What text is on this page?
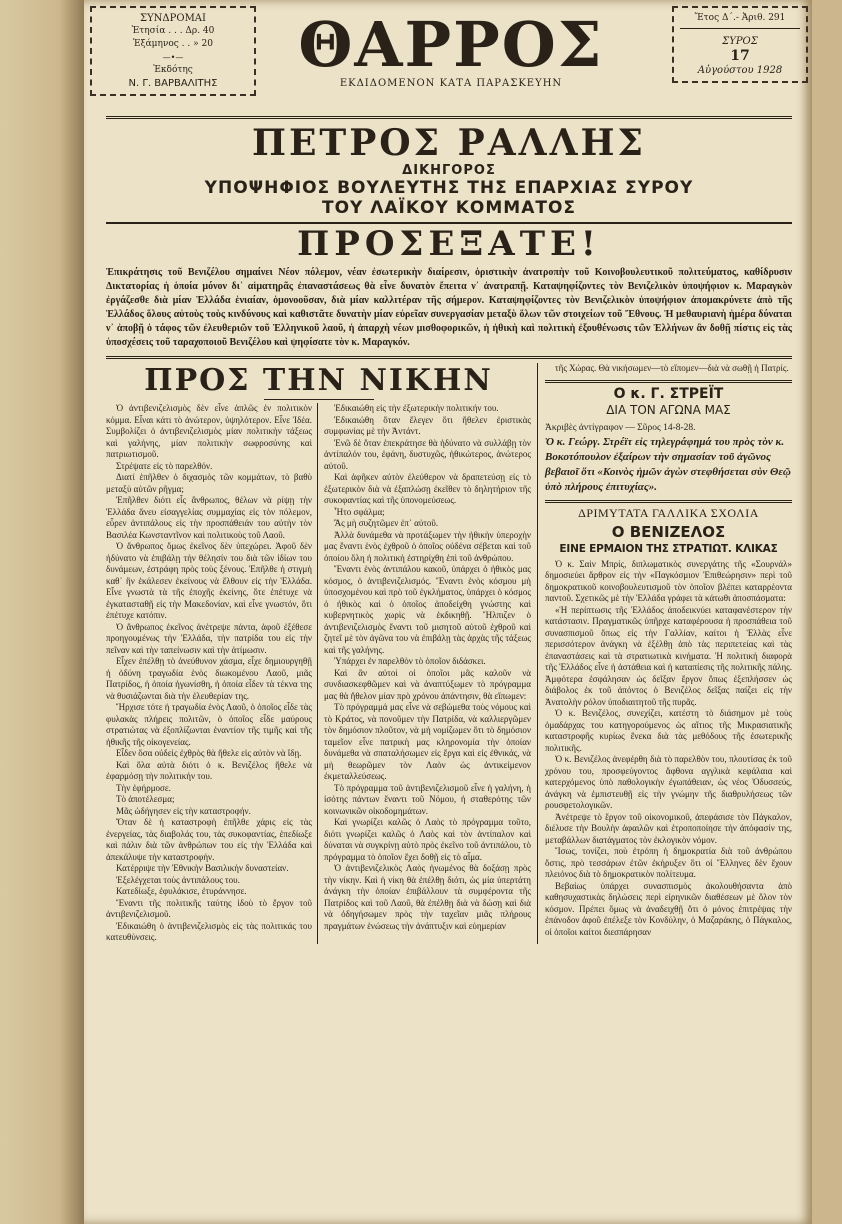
ΣΥΝΔΡΟΜΑΙ
Ἐτησία . . . Δρ. 40
Ἑξάμηνος . . » 20
—•—
Ἐκδότης
Ν. Γ. ΒΑΡΒΑΛΙΤΗΣ
ΘΑΡΡΟΣ
ΕΚΔΙΔΟΜΕΝΟΝ ΚΑΤΑ ΠΑΡΑΣΚΕΥΗΝ
Ἔτος Δ΄.- Ἀριθ. 291
ΣΥΡΟΣ
17
Αὐγούστου 1928
ΠΕΤΡΟΣ ΡΑΛΛΗΣ
ΔΙΚΗΓΟΡΟΣ
ΥΠΟΨΗΦΙΟΣ ΒΟΥΛΕΥΤΗΣ ΤΗΣ ΕΠΑΡΧΙΑΣ ΣΥΡΟΥ
ΤΟΥ ΛΑΪΚΟΥ ΚΟΜΜΑΤΟΣ
ΠΡΟΣΕΞΑΤΕ!
Ἐπικράτησις τοῦ Βενιζέλου σημαίνει Νέον πόλεμον, νέαν ἐσωτερικὴν διαίρεσιν, ὁριστικὴν ἀνατροπὴν τοῦ Κοινοβουλευτικοῦ πολιτεύματος, καθίδρυσιν Δικτατορίας ἡ ὁποία μόνον δι᾿ αἱματηρᾶς ἐπαναστάσεως θὰ εἶνε δυνατὸν ἔπειτα ν᾿ ἀνατραπῇ. Καταψηφίζοντες τὸν Βενιζελικὸν ὑποψήφιον κ. Μαραγκὸν ἐργάζεσθε διὰ μίαν Ἑλλάδα ἑνιαίαν, ὁμονοοῦσαν, διὰ μίαν καλλιτέραν τῆς σήμερον. Καταψηφίζοντες τὸν Βενιζελικὸν ὑποψήφιον ἀπομακρύνετε ἀπὸ τῆς Ἑλλάδος ὅλους αὐτοὺς τοὺς κινδύνους καὶ καθιστᾶτε δυνατὴν μίαν εὐρεῖαν συνεργασίαν μεταξὺ ὅλων τῶν στοιχείων τοῦ Ἔθνους. Ἡ μεθαυριανὴ ἡμέρα δύναται ν᾿ ἀποβῇ ὁ τάφος τῶν ἐλευθεριῶν τοῦ Ἑλληνικοῦ λαοῦ, ἡ ἀπαρχὴ νέων μισθοφορικῶν, ἡ ἠθικὴ καὶ πολιτικὴ ἐξουθένωσις τῶν Ἑλλήνων ἂν δοθῇ πίστις εἰς τὰς ὑποσχέσεις τοῦ ταραχοποιοῦ Βενιζέλου καὶ ψηφίσατε τὸν κ. Μαραγκόν.
ΠΡΟΣ ΤΗΝ ΝΙΚΗΝ

Ὁ ἀντιβενιζελισμὸς δὲν εἶνε ἁπλῶς ἐν πολιτικὸν κόμμα. Εἶναι κάτι τὸ ἀνώτερον, ὑψηλότερον. Εἶνε Ἰδέα. Συμβολίζει ὁ ἀντιβενιζελισμὸς μίαν πολιτικὴν τάξεως καὶ γαλήνης, μίαν πολιτικὴν σωφροσύνης καὶ πατριωτισμοῦ.

Στρέψατε εἰς τὸ παρελθόν.

Διατί ἐπῆλθεν ὁ διχασμὸς τῶν κομμάτων, τὸ βαθὺ μεταξὺ αὐτῶν ρῆγμα;

Ἐπῆλθεν διότι εἷς ἄνθρωπος, θέλων νὰ ρίψῃ τὴν Ἑλλάδα ἄνευ εἰσαγγελίας συμμαχίας εἰς τὸν πόλεμον, εὗρεν ἀντιπάλους εἰς τὴν προσπάθειάν του αὐτὴν τὸν Βασιλέα Κωνσταντῖνον καὶ πολιτικοὺς τοῦ Λαοῦ.

Ὁ ἄνθρωπος ὅμως ἐκεῖνος δὲν ὑπεχώρει. Ἀφοῦ δὲν ἠδύνατο νὰ ἐπιβάλῃ τὴν θέλησίν του διὰ τῶν ἰδίων του δυνάμεων, ἐστράφη πρὸς τοὺς ξένους. Ἐπῆλθε ἡ στιγμὴ καθ᾿ ἣν ἐκάλεσεν ἐκείνους νὰ ἔλθουν εἰς τὴν Ἑλλάδα. Εἶνε γνωστὰ τὰ τῆς ἐποχῆς ἐκείνης, ὅτε ἐπέτυχε νὰ ἐγκατασταθῇ εἰς τὴν Μακεδονίαν, καὶ εἶνε γνωστόν, ὅτι ἐπέτυχε κατόπιν.

Ὁ ἄνθρωπος ἐκεῖνος ἀνέτρεψε πάντα, ἀφοῦ ἐξέθεσε προηγουμένως τὴν Ἑλλάδα, τὴν πατρίδα του εἰς τὴν πεῖναν καὶ τὴν ταπείνωσιν καὶ τὴν ἀτίμωσιν.

Εἶχεν ἐπέλθῃ τὸ ἀνεύθυνον χάσμα, εἶχε δημιουργηθῇ ἡ ὀδύνη τραγωδία ἑνὸς διωκομένου Λαοῦ, μιᾶς Πατρίδος, ἡ ὁποία ἠγωνίσθη, ἡ ὁποία εἶδεν τὰ τέκνα της νὰ θυσιάζωνται διὰ τὴν ἐλευθερίαν της.

Ἤρχισε τότε ἡ τραγωδία ἑνὸς Λαοῦ, ὁ ὁποῖος εἶδε τὰς φυλακὰς πλήρεις πολιτῶν, ὁ ὁποῖος εἶδε μαύρους στρατιώτας νὰ ἐξοπλίζωνται ἐναντίον τῆς τιμῆς καὶ τῆς ἠθικῆς τῆς οἰκογενείας.

Εἶδεν ὅσα οὐδεὶς ἐχθρὸς θὰ ἤθελε εἰς αὐτὸν νὰ ἴδῃ.

Καὶ ὅλα αὐτὰ διότι ὁ κ. Βενιζέλος ἤθελε νὰ ἐφαρμόσῃ τὴν πολιτικήν του.

Τὴν ἐφήρμοσε.

Τὸ ἀποτέλεσμα;

Μᾶς ὡδήγησεν εἰς τὴν καταστροφήν.

Ὅταν δὲ ἡ καταστροφὴ ἐπῆλθε χάρις εἰς τὰς ἐνεργείας, τὰς διαβολάς του, τὰς συκοφαντίας, ἐπεδίωξε καὶ πάλιν διὰ τῶν ἀνθρώπων του εἰς τὴν Ἑλλάδα καὶ ἀπεκάλυψε τὴν καταστροφήν.

Κατέρριψε τὴν Ἐθνικὴν Βασιλικὴν δυναστείαν.

Ἐξελέγχεται τοὺς ἀντιπάλους του.

Κατεδίωξε, ἐφυλάκισε, ἐτυράννησε.

Ἔναντι τῆς πολιτικῆς ταύτης ἰδοὺ τὸ ἔργον τοῦ ἀντιβενιζελισμοῦ.

Ἐδικαιώθη ὁ ἀντιβενιζελισμὸς εἰς τὰς πολιτικάς του κατευθύνσεις.

Ἐδικαιώθη εἰς τὴν ἐξωτερικὴν πολιτικήν του.

Ἐδικαιώθη ὅταν ἔλεγεν ὅτι ἤθελεν ἐριστικὰς συμφωνίας μὲ τὴν Ἀντάντ.

Ἐνῶ δὲ ὅταν ἐπεκράτησε θὰ ἠδύνατο νὰ συλλάβῃ τὸν ἀντίπαλόν του, ἐφάνη, δυστυχῶς, ἠθικώτερος, ἀνώτερος αὐτοῦ.

Καὶ ἀφῆκεν αὐτὸν ἐλεύθερον νὰ δραπετεύσῃ εἰς τὸ ἐξωτερικὸν διὰ νὰ ἐξαπλώσῃ ἐκεῖθεν τὸ δηλητήριον τῆς συκοφαντίας καὶ τῆς ὑπονομεύσεως.

Ἦτο σφάλμα;

Ἂς μὴ συζητῶμεν ἐπ᾿ αὐτοῦ.

Ἀλλὰ δυνάμεθα νὰ προτάξωμεν τὴν ἠθικὴν ὑπεροχὴν μας ἔναντι ἑνὸς ἐχθροῦ ὁ ὁποῖος οὐδένα σέβεται καὶ τοῦ ὁποίου ὅλη ἡ πολιτικὴ ἐστηρίχθη ἐπὶ τοῦ ἀνθρώπου.

Ἔναντι ἑνὸς ἀντιπάλου κακοῦ, ὑπάρχει ὁ ἠθικὸς μας κόσμος, ὁ ἀντιβενιζελισμός. Ἔναντι ἑνὸς κόσμου μὴ ὑποσχομένου καὶ πρὸ τοῦ ἐγκλήματος, ὑπάρχει ὁ κόσμος ὁ ἠθικὸς καὶ ὁ ὁποῖος ἀποδείχθη γνώστης καὶ κυβερνητικὸς χωρὶς νὰ ἐκδικηθῇ. Ἤλπιζεν ὁ ἀντιβενιζελισμὸς ἔναντι τοῦ μισητοῦ αὐτοῦ ἐχθροῦ καὶ ζητεῖ μὲ τὸν ἀγῶνα του νὰ ἐπιβάλῃ τὰς ἀρχὰς τῆς τάξεως καὶ τῆς γαλήνης.

Ὑπάρχει ἐν παρελθὸν τὸ ὁποῖον διδάσκει.

Καὶ ἂν αὐτοὶ οἱ ὁποῖοι μᾶς καλοῦν νὰ συνδιασκεφθῶμεν καὶ νὰ ἀναπτύξωμεν τὸ πρόγραμμα μας θὰ ἤθελον μίαν πρὸ χρόνου ἀπάντησιν, θὰ εἴπωμεν:

Τὸ πρόγραμμά μας εἶνε νὰ σεβώμεθα τοὺς νόμους καὶ τὸ Κράτος, νὰ πονοῦμεν τὴν Πατρίδα, νὰ καλλιεργῶμεν τὸν δημόσιον πλοῦτον, νὰ μὴ νομίζωμεν ὅτι τὸ δημόσιον ταμεῖον εἶνε πατρικὴ μας κληρονομία τὴν ὁποίαν δυνάμεθα νὰ σπαταλήσωμεν εἰς ἔργα καὶ εἰς ἐθνικάς, νὰ μὴ θεωρῶμεν τὸν Λαὸν ὡς ἀντικείμενον ἐκμεταλλεύσεως.

Τὸ πρόγραμμα τοῦ ἀντιβενιζελισμοῦ εἶνε ἡ γαλήνη, ἡ ἰσότης πάντων ἔναντι τοῦ Νόμου, ἡ σταθερότης τῶν κοινωνικῶν οἰκοδομημάτων.

Καὶ γνωρίζει καλῶς ὁ Λαὸς τὸ πρόγραμμα τοῦτο, διότι γνωρίζει καλῶς ὁ Λαὸς καὶ τὸν ἀντίπαλον καὶ δύναται νὰ συγκρίνῃ αὐτὸ πρὸς ἐκεῖνο τοῦ ἀντιπάλου, τὸ πρόγραμμα τὸ ὁποῖον ἔχει δοθῇ εἰς τὸ αἷμα.

Ὁ ἀντιβενιζελικὸς Λαὸς ἠνωμένος θὰ δοξάσῃ πρὸς τὴν νίκην. Καὶ ἡ νίκη θὰ ἐπέλθῃ διότι, ὡς μία ὑπερτάτη ἀνάγκη τὴν ὁποίαν ἐπιβάλλουν τὰ συμφέροντα τῆς Πατρίδος καὶ τοῦ Λαοῦ, θὰ ἐπέλθῃ διὰ νὰ δώσῃ καὶ διὰ νὰ ὁδηγήσωμεν πρὸς τὴν ταχεῖαν μιᾶς πλήρους πραγμάτων ἑνώσεως τὴν ἀνάπτυξιν καὶ εὐημερίαν

τῆς Χώρας. Θὰ νικήσωμεν—τὸ εἴπομεν—διὰ νὰ σωθῇ ἡ Πατρίς.

Ο κ. Γ. ΣΤΡΕΪΤ
ΔΙΑ ΤΟΝ ΑΓΩΝΑ ΜΑΣ
Ἀκριβὲς ἀντίγραφον — Σῦρος 14-8-28.
Ὁ κ. Γεώργ. Στρέϊτ εἰς τηλεγράφημά του πρὸς τὸν κ. Βοκοτόπουλον ἐξαίρων τὴν σημασίαν τοῦ ἀγῶνος βεβαιοῖ ὅτι «Κοινὸς ἡμῶν ἀγὼν στεφθήσεται σὺν Θεῷ ὑπὸ πλήρους ἐπιτυχίας».
ΔΡΙΜΥΤΑΤΑ ΓΑΛΛΙΚΑ ΣΧΟΛΙΑ
Ο ΒΕΝΙΖΕΛΟΣ
ΕΙΝΕ ΕΡΜΑΙΟΝ ΤΗΣ ΣΤΡΑΤΙΩΤ. ΚΛΙΚΑΣ

Ὁ κ. Σαὶν Μπρίς, διπλωματικὸς συνεργάτης τῆς «Σουρνάλ» δημοσιεύει ἄρθρον εἰς τὴν «Παγκόσμιον Ἐπιθεώρησιν» περὶ τοῦ δημοκρατικοῦ κοινοβουλευτισμοῦ τὸν ὁποῖον βλέπει καταρρέοντα παντοῦ. Σχετικῶς μὲ τὴν Ἑλλάδα γράφει τὰ κάτωθι ἀποσπάσματα:

«Ἡ περίπτωσις τῆς Ἑλλάδος ἀποδεικνύει καταφανέστερον τὴν κατάστασιν. Πραγματικῶς ὑπῆρχε καταφέρουσα ἡ προσπάθεια τοῦ συνασπισμοῦ ὅπως εἰς τὴν Γαλλίαν, καίτοι ἡ Ἑλλὰς εἶνε περισσότερον ἀνάγκη νὰ ἐξέλθῃ ἀπὸ τὰς περιπετείας καὶ τὰς ἐπαναστάσεις καὶ τὰ στρατιωτικὰ κινήματα. Ἡ πολιτικὴ διαφορὰ τῆς Ἑλλάδος εἶνε ἡ ἀστάθεια καὶ ἡ καταπίεσις τῆς πολιτικῆς πάλης. Ἀμφότερα ἐσφάλησαν ὡς δεῖξαν ἔργον ὅπως ἐξεπλήσσεν ὡς διάβολος ἐκ τοῦ ἀπόντος ὁ Βενιζέλος δεῖξας παίζει εἰς τὴν Ἀνατολὴν ρόλον ὑποδιαιτητοῦ τῆς πυρᾶς.

Ὁ κ. Βενιζέλος, συνεχίζει, κατέστη τὸ διάσημον μὲ τοὺς ὁμαδάρχας του κατηγορούμενος ὡς αἴτιος τῆς Μικρασιατικῆς καταστροφῆς κυρίως ἕνεκα διὰ τὰς μεθόδους τῆς ἐσωτερικῆς πολιτικῆς.

Ὁ κ. Βενιζέλος ἀνεφέρθη διὰ τὸ παρελθὸν του, πλουτίσας ἐκ τοῦ χρόνου του, προσφεύγοντος ἄφθονα αγγλικὰ κεφάλαια καὶ κατερχόμενος ὑπὸ παθολογικὴν ἐγωπάθειαν, ὡς νέος Ὀδυσσεύς, ἀνάγκη νὰ ἐμπιστευθῇ εἰς τὴν γνώμην τῆς διαθρυλήσεως τῶν ρουσφετολογικῶν.

Ἀνέτρεψε τὸ ἔργον τοῦ οἰκονομικοῦ, ἀπεφάσισε τὸν Πάγκαλον, διέλυσε τὴν Βουλὴν ἀφαιλῶν καὶ ἐτροποποίησε τὴν ἀπόφασίν της, μεταβάλλων διατάγματος τὸν ἐκλογικὸν νόμον.

Ἴσως, τονίζει, ποὺ ἐτρόπη ἡ δημοκρατία διὰ τοῦ ἀνθρώπου ὅστις, πρὸ τεσσάρων ἐτῶν ἐκήρυξεν ὅτι οἱ Ἕλληνες δὲν ἔχουν πλειόνος διὰ τὸ δημοκρατικὸν πολίτευμα.

Βεβαίως ὑπάρχει συνασπισμὸς ἀκολουθήσαντα ἀπὸ καθησυχαστικὰς δηλώσεις περὶ εἰρηνικῶν διαθέσεων μὲ ὅλον τὸν κόσμον. Πρέπει ὅμως νὰ ἀναδειχθῇ ὅτι ὁ μόνος ἐπιτρέψας τὴν ἐπάνοδον ἀφοῦ ἐπέλεξε τὸν Κονδύλην, ὁ Μαζαράκης, ὁ Πάγκαλος, οἱ ὁποῖοι καίτοι διεσπάρησαν
